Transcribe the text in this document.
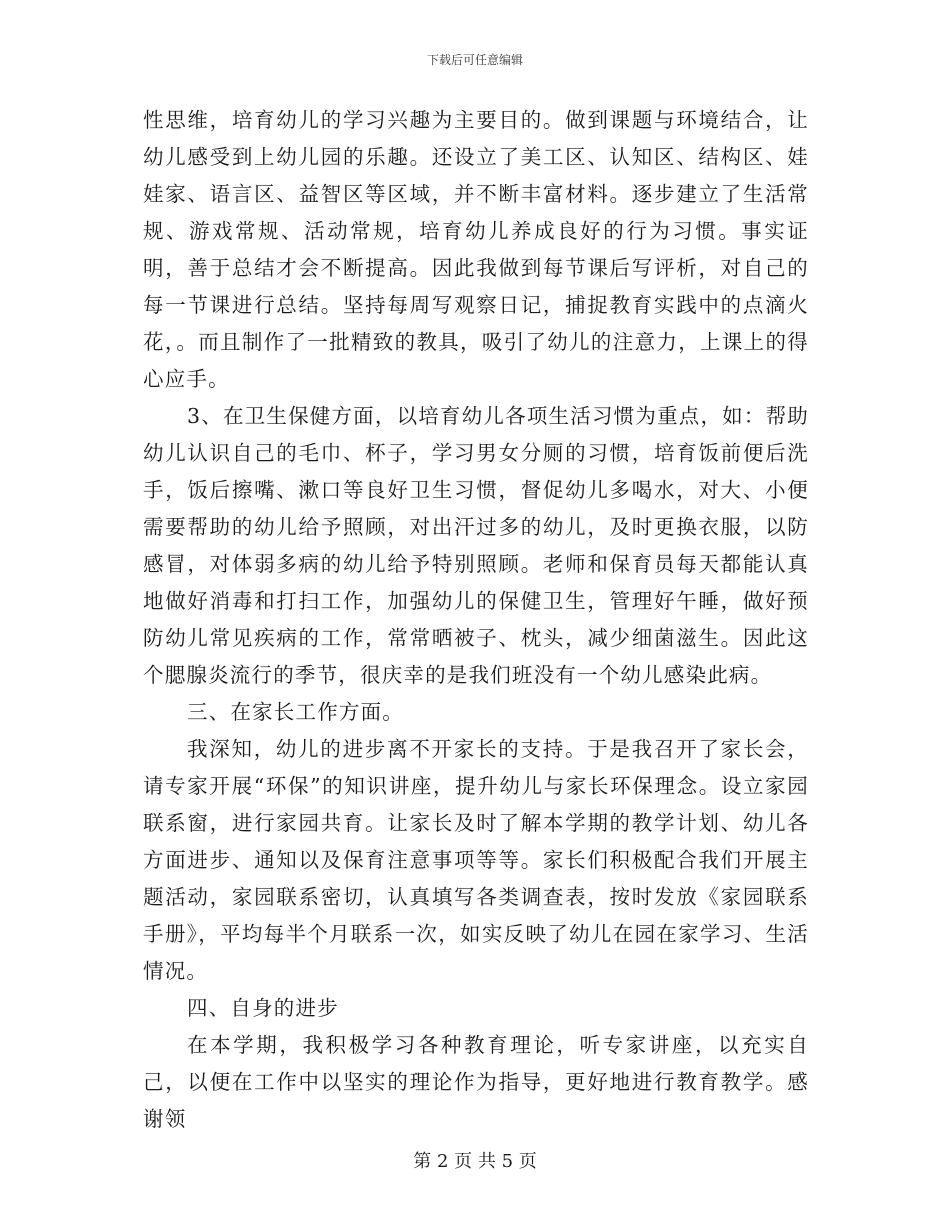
下载后可任意编辑

性思维，培育幼儿的学习兴趣为主要目的。做到课题与环境结合，让幼儿感受到上幼儿园的乐趣。还设立了美工区、认知区、结构区、娃娃家、语言区、益智区等区域，并不断丰富材料。逐步建立了生活常规、游戏常规、活动常规，培育幼儿养成良好的行为习惯。事实证明，善于总结才会不断提高。因此我做到每节课后写评析，对自己的每一节课进行总结。坚持每周写观察日记，捕捉教育实践中的点滴火花，。而且制作了一批精致的教具，吸引了幼儿的注意力，上课上的得心应手。

3、在卫生保健方面，以培育幼儿各项生活习惯为重点，如：帮助幼儿认识自己的毛巾、杯子，学习男女分厕的习惯，培育饭前便后洗手，饭后擦嘴、漱口等良好卫生习惯，督促幼儿多喝水，对大、小便需要帮助的幼儿给予照顾，对出汗过多的幼儿，及时更换衣服，以防感冒，对体弱多病的幼儿给予特别照顾。老师和保育员每天都能认真地做好消毒和打扫工作，加强幼儿的保健卫生，管理好午睡，做好预防幼儿常见疾病的工作，常常晒被子、枕头，减少细菌滋生。因此这个腮腺炎流行的季节，很庆幸的是我们班没有一个幼儿感染此病。

三、在家长工作方面。

我深知，幼儿的进步离不开家长的支持。于是我召开了家长会，请专家开展“环保”的知识讲座，提升幼儿与家长环保理念。设立家园联系窗，进行家园共育。让家长及时了解本学期的教学计划、幼儿各方面进步、通知以及保育注意事项等等。家长们积极配合我们开展主题活动，家园联系密切，认真填写各类调查表，按时发放《家园联系手册》，平均每半个月联系一次，如实反映了幼儿在园在家学习、生活情况。

四、自身的进步

在本学期，我积极学习各种教育理论，听专家讲座，以充实自己，以便在工作中以坚实的理论作为指导，更好地进行教育教学。感谢领

第 2 页 共 5 页
